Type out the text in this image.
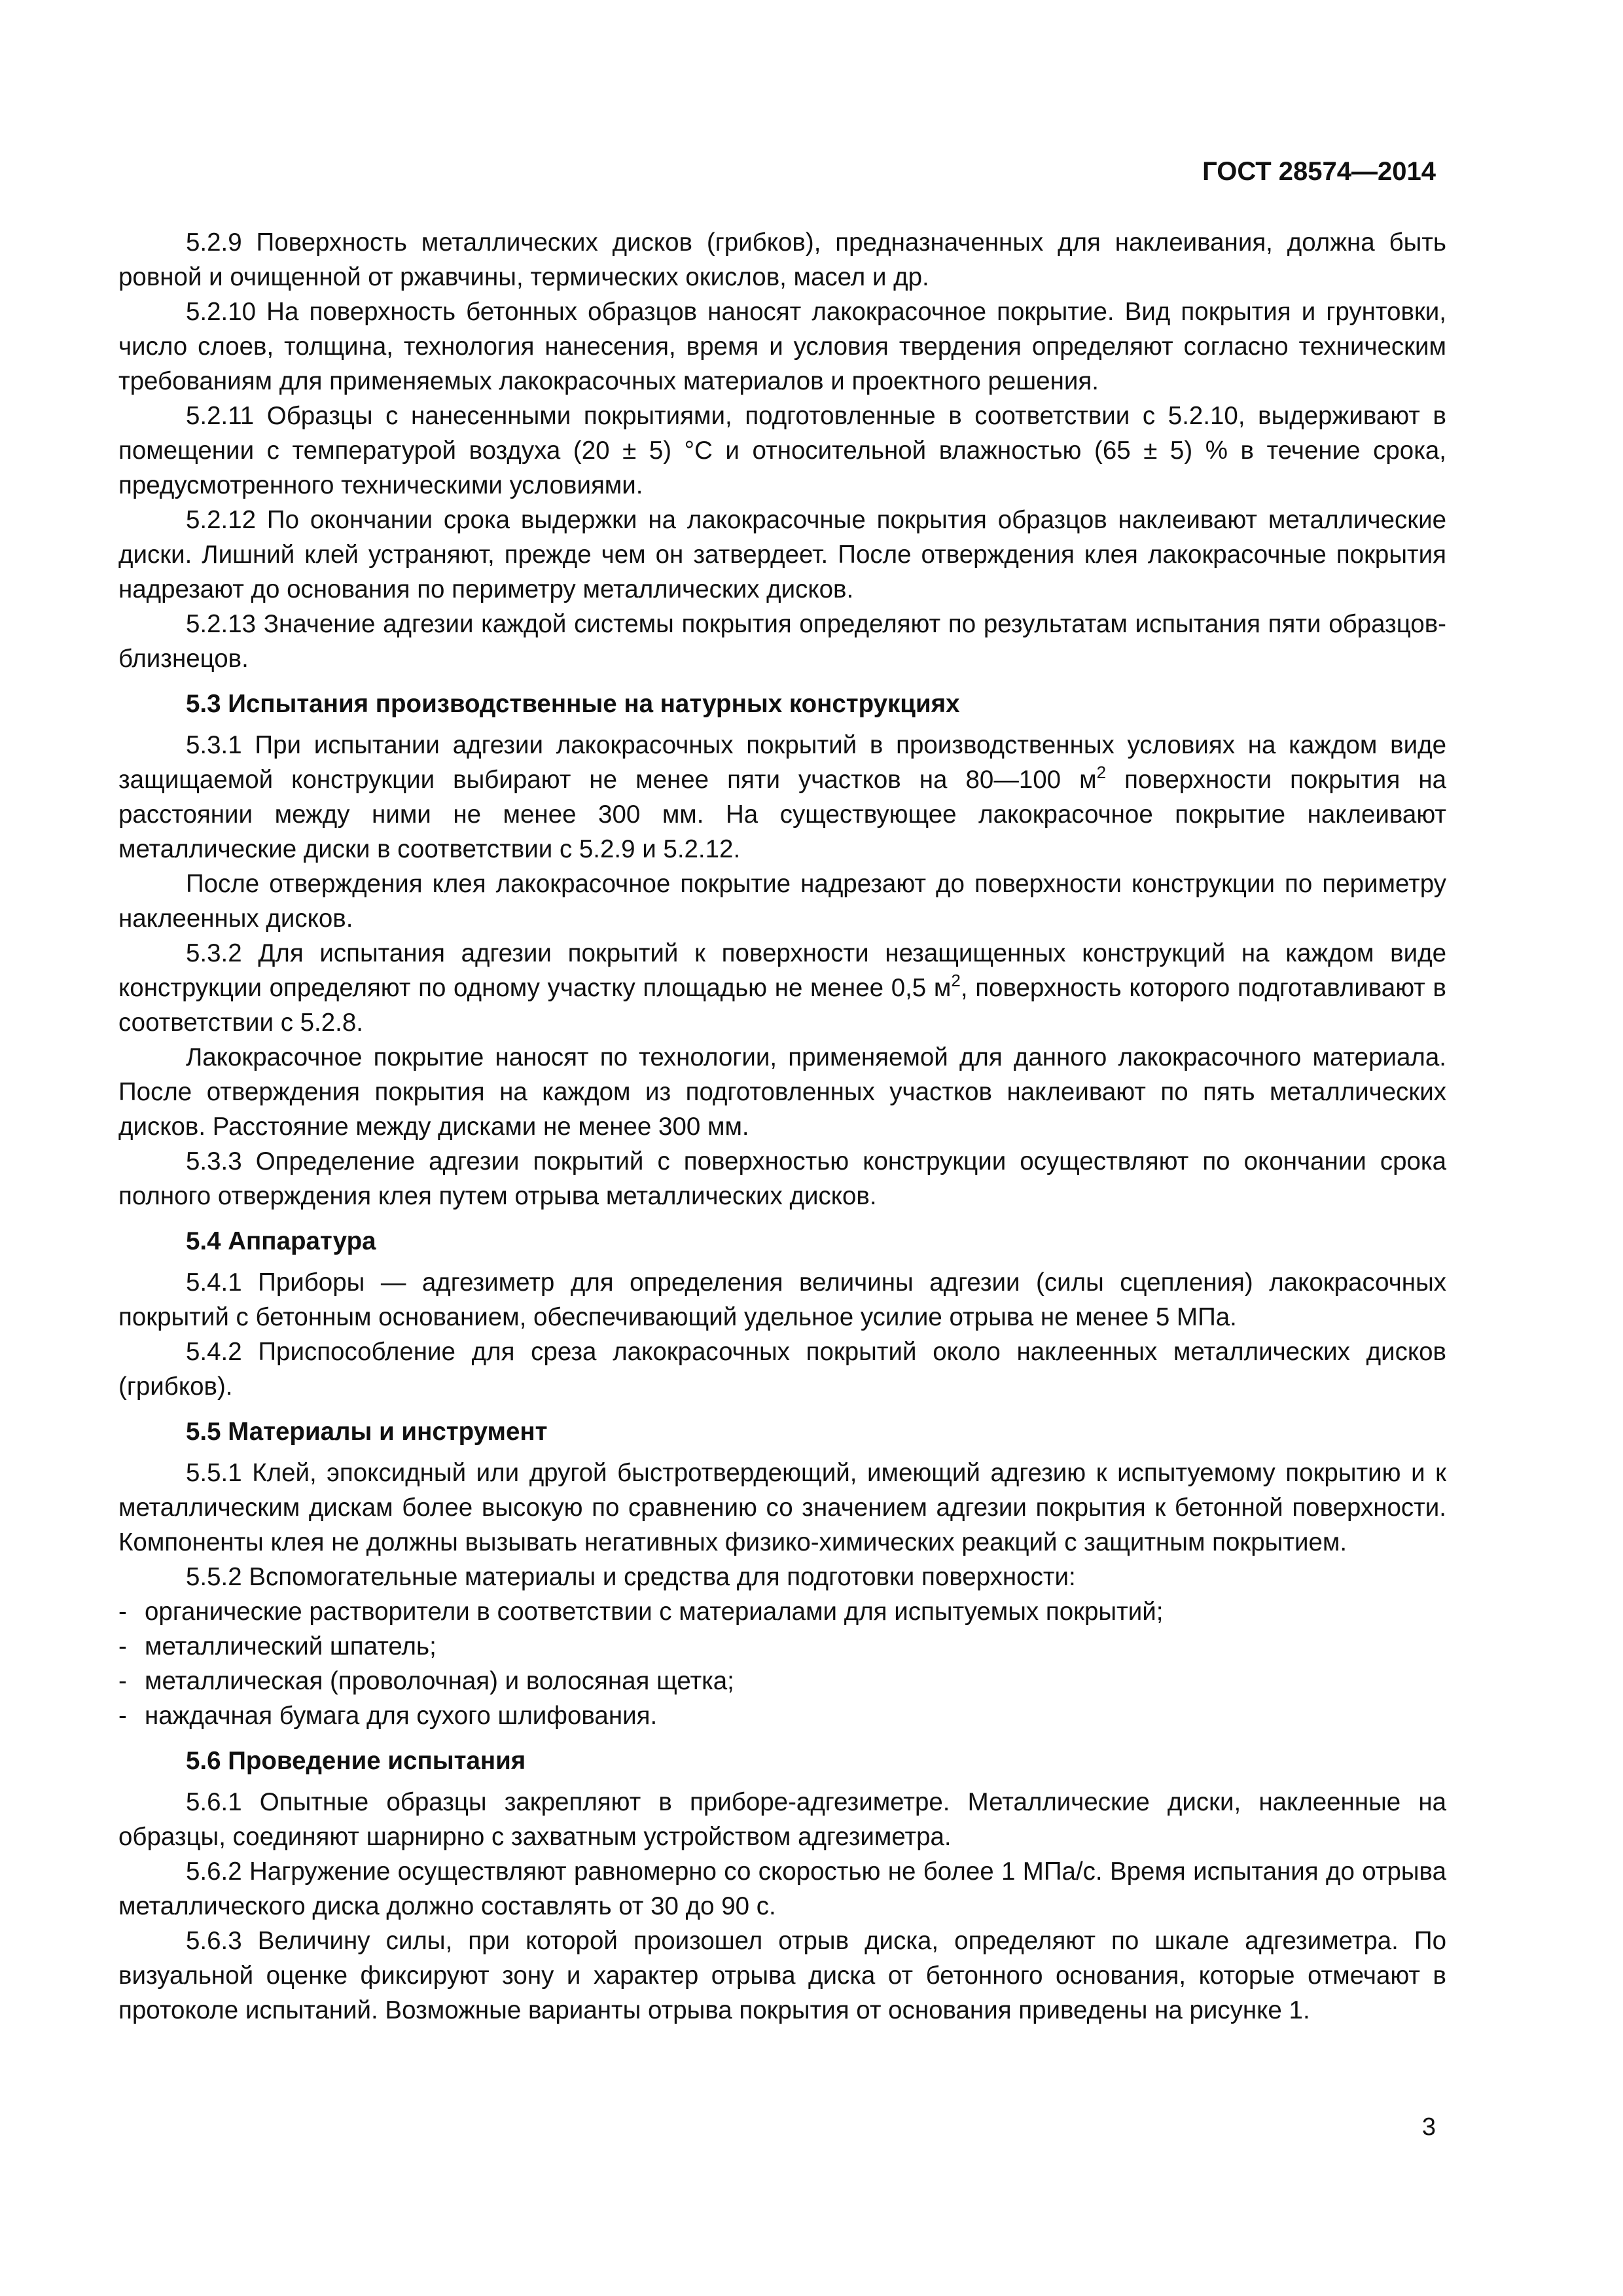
ГОСТ 28574—2014

5.2.9 Поверхность металлических дисков (грибков), предназначенных для наклеивания, должна быть ровной и очищенной от ржавчины, термических окислов, масел и др.

5.2.10 На поверхность бетонных образцов наносят лакокрасочное покрытие. Вид покрытия и грунтовки, число слоев, толщина, технология нанесения, время и условия твердения определяют согласно техническим требованиям для применяемых лакокрасочных материалов и проектного решения.

5.2.11 Образцы с нанесенными покрытиями, подготовленные в соответствии с 5.2.10, выдерживают в помещении с температурой воздуха (20 ± 5) °С и относительной влажностью (65 ± 5) % в течение срока, предусмотренного техническими условиями.

5.2.12 По окончании срока выдержки на лакокрасочные покрытия образцов наклеивают металлические диски. Лишний клей устраняют, прежде чем он затвердеет. После отверждения клея лакокрасочные покрытия надрезают до основания по периметру металлических дисков.

5.2.13 Значение адгезии каждой системы покрытия определяют по результатам испытания пяти образцов-близнецов.

5.3 Испытания производственные на натурных конструкциях

5.3.1 При испытании адгезии лакокрасочных покрытий в производственных условиях на каждом виде защищаемой конструкции выбирают не менее пяти участков на 80—100 $м^2$ поверхности покрытия на расстоянии между ними не менее 300 мм. На существующее лакокрасочное покрытие наклеивают металлические диски в соответствии с 5.2.9 и 5.2.12.

После отверждения клея лакокрасочное покрытие надрезают до поверхности конструкции по периметру наклеенных дисков.

5.3.2 Для испытания адгезии покрытий к поверхности незащищенных конструкций на каждом виде конструкции определяют по одному участку площадью не менее 0,5 $м^2$, поверхность которого подготавливают в соответствии с 5.2.8.

Лакокрасочное покрытие наносят по технологии, применяемой для данного лакокрасочного материала. После отверждения покрытия на каждом из подготовленных участков наклеивают по пять металлических дисков. Расстояние между дисками не менее 300 мм.

5.3.3 Определение адгезии покрытий с поверхностью конструкции осуществляют по окончании срока полного отверждения клея путем отрыва металлических дисков.

5.4 Аппаратура

5.4.1 Приборы — адгезиметр для определения величины адгезии (силы сцепления) лакокрасочных покрытий с бетонным основанием, обеспечивающий удельное усилие отрыва не менее 5 МПа.

5.4.2 Приспособление для среза лакокрасочных покрытий около наклеенных металлических дисков (грибков).

5.5 Материалы и инструмент

5.5.1 Клей, эпоксидный или другой быстротвердеющий, имеющий адгезию к испытуемому покрытию и к металлическим дискам более высокую по сравнению со значением адгезии покрытия к бетонной поверхности. Компоненты клея не должны вызывать негативных физико-химических реакций с защитным покрытием.

5.5.2 Вспомогательные материалы и средства для подготовки поверхности:

- органические растворители в соответствии с материалами для испытуемых покрытий;

- металлический шпатель;

- металлическая (проволочная) и волосяная щетка;

- наждачная бумага для сухого шлифования.

5.6 Проведение испытания

5.6.1 Опытные образцы закрепляют в приборе-адгезиметре. Металлические диски, наклеенные на образцы, соединяют шарнирно с захватным устройством адгезиметра.

5.6.2 Нагружение осуществляют равномерно со скоростью не более 1 МПа/с. Время испытания до отрыва металлического диска должно составлять от 30 до 90 с.

5.6.3 Величину силы, при которой произошел отрыв диска, определяют по шкале адгезиметра. По визуальной оценке фиксируют зону и характер отрыва диска от бетонного основания, которые отмечают в протоколе испытаний. Возможные варианты отрыва покрытия от основания приведены на рисунке 1.

3
